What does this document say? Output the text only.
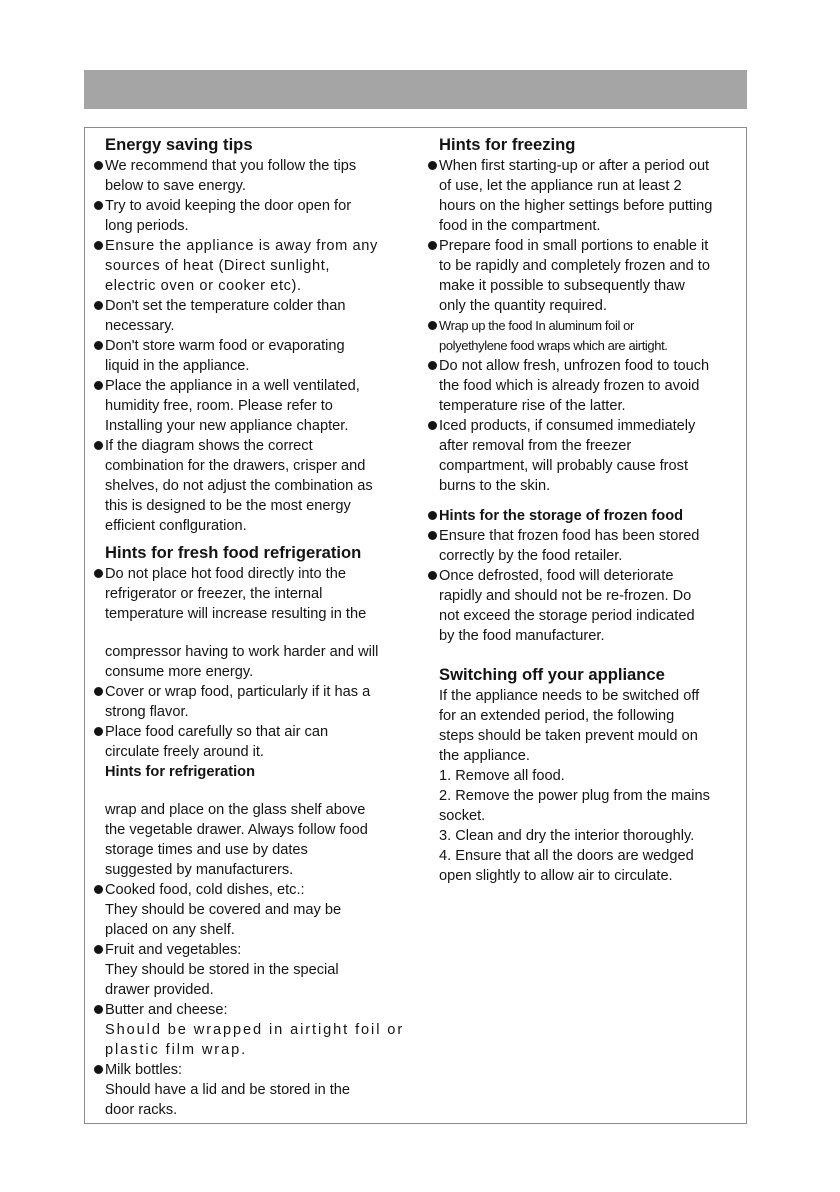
Energy saving tips
We recommend that you follow the tips
below to save energy.
Try to avoid keeping the door open for
long periods.
Ensure the appliance is away from any
sources of heat (Direct sunlight,
electric oven or cooker etc).
Don't set the temperature colder than
necessary.
Don't store warm food or evaporating
liquid in the appliance.
Place the appliance in a well ventilated,
humidity free, room. Please refer to
Installing your new appliance chapter.
If the diagram shows the correct
combination for the drawers, crisper and
shelves, do not adjust the combination as
this is designed to be the most energy
efficient conflguration.
Hints for fresh food refrigeration
Do not place hot food directly into the
refrigerator or freezer, the internal
temperature will increase resulting in the
compressor having to work harder and will
consume more energy.
Cover or wrap food, particularly if it has a
strong flavor.
Place food carefully so that air can
circulate freely around it.
Hints for refrigeration
wrap and place on the glass shelf above
the vegetable drawer. Always follow food
storage times and use by dates
suggested by manufacturers.
Cooked food, cold dishes, etc.:
They should be covered and may be
placed on any shelf.
Fruit and vegetables:
They should be stored in the special
drawer provided.
Butter and cheese:
Should be wrapped in airtight foil or
plastic film wrap.
Milk bottles:
Should have a lid and be stored in the
door racks.
Hints for freezing
When first starting-up or after a period out
of use, let the appliance run at least 2
hours on the higher settings before putting
food in the compartment.
Prepare food in small portions to enable it
to be rapidly and completely frozen and to
make it possible to subsequently thaw
only the quantity required.
Wrap up the food In aluminum foil or
polyethylene food wraps which are airtight.
Do not allow fresh, unfrozen food to touch
the food which is already frozen to avoid
temperature rise of the latter.
Iced products, if consumed immediately
after removal from the freezer
compartment, will probably cause frost
burns to the skin.
Hints for the storage of frozen food
Ensure that frozen food has been stored
correctly by the food retailer.
Once defrosted, food will deteriorate
rapidly and should not be re-frozen. Do
not exceed the storage period indicated
by the food manufacturer.
Switching off your appliance
If the appliance needs to be switched off
for an extended period, the following
steps should be taken prevent mould on
the appliance.
1. Remove all food.
2. Remove the power plug from the mains
socket.
3. Clean and dry the interior thoroughly.
4. Ensure that all the doors are wedged
open slightly to allow air to circulate.
